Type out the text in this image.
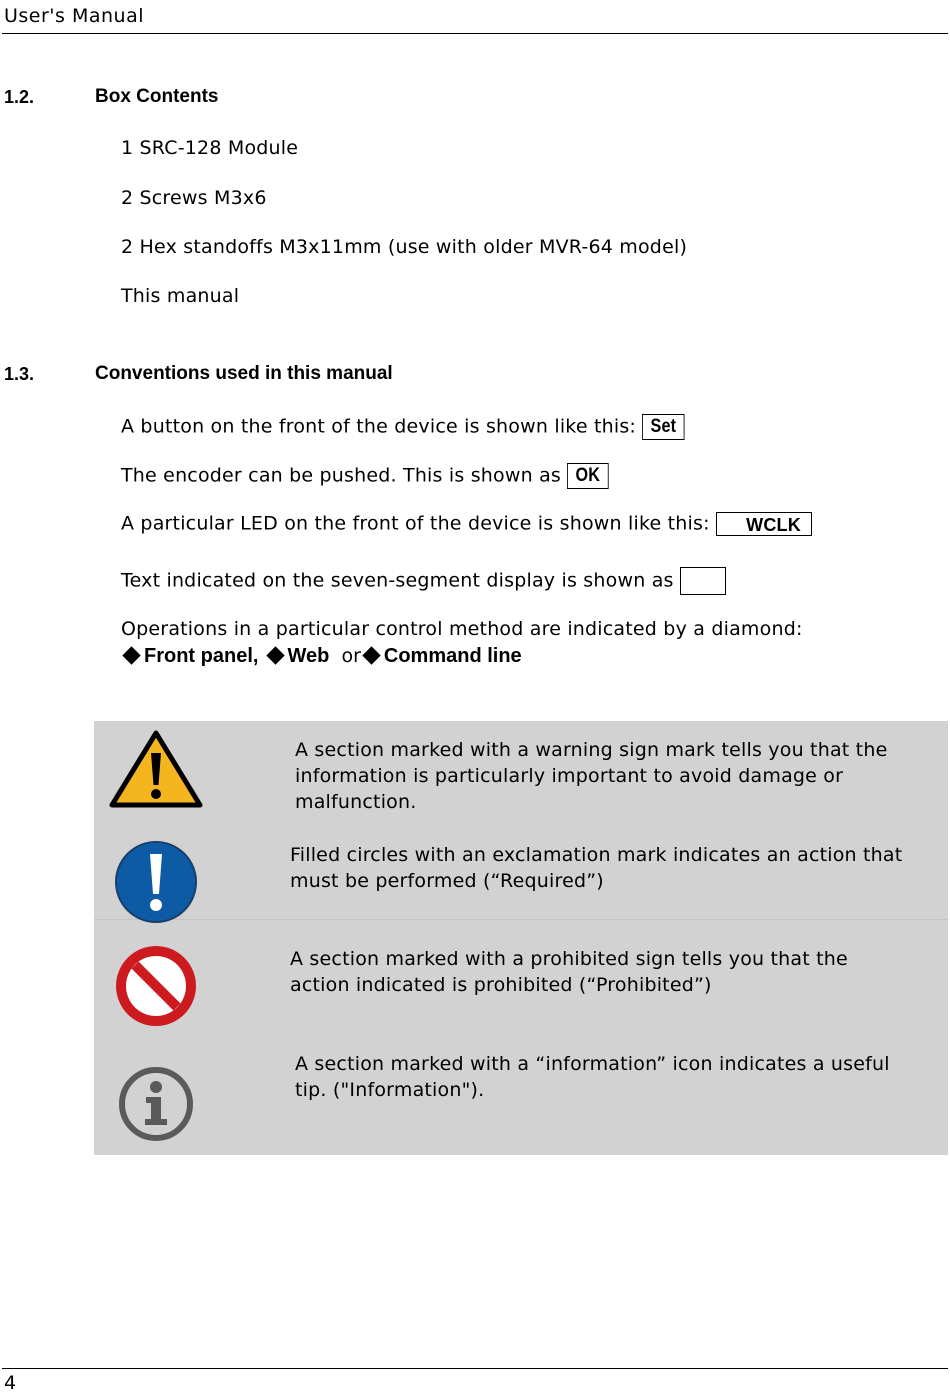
User's Manual
1.2.	Box Contents
1 SRC-128 Module
2 Screws M3x6
2 Hex standoffs M3x11mm (use with older MVR-64 model)
This manual
1.3.	Conventions used in this manual
A button on the front of the device is shown like this: Set
The encoder can be pushed. This is shown as OK
A particular LED on the front of the device is shown like this: WCLK
Text indicated on the seven-segment display is shown as
Operations in a particular control method are indicated by a diamond:
Front panel, Web or Command line
A section marked with a warning sign mark tells you that the information is particularly important to avoid damage or malfunction.
Filled circles with an exclamation mark indicates an action that must be performed (“Required”)
A section marked with a prohibited sign tells you that the action indicated is prohibited (“Prohibited”)
A section marked with a “information” icon indicates a useful tip. ("Information").
4
